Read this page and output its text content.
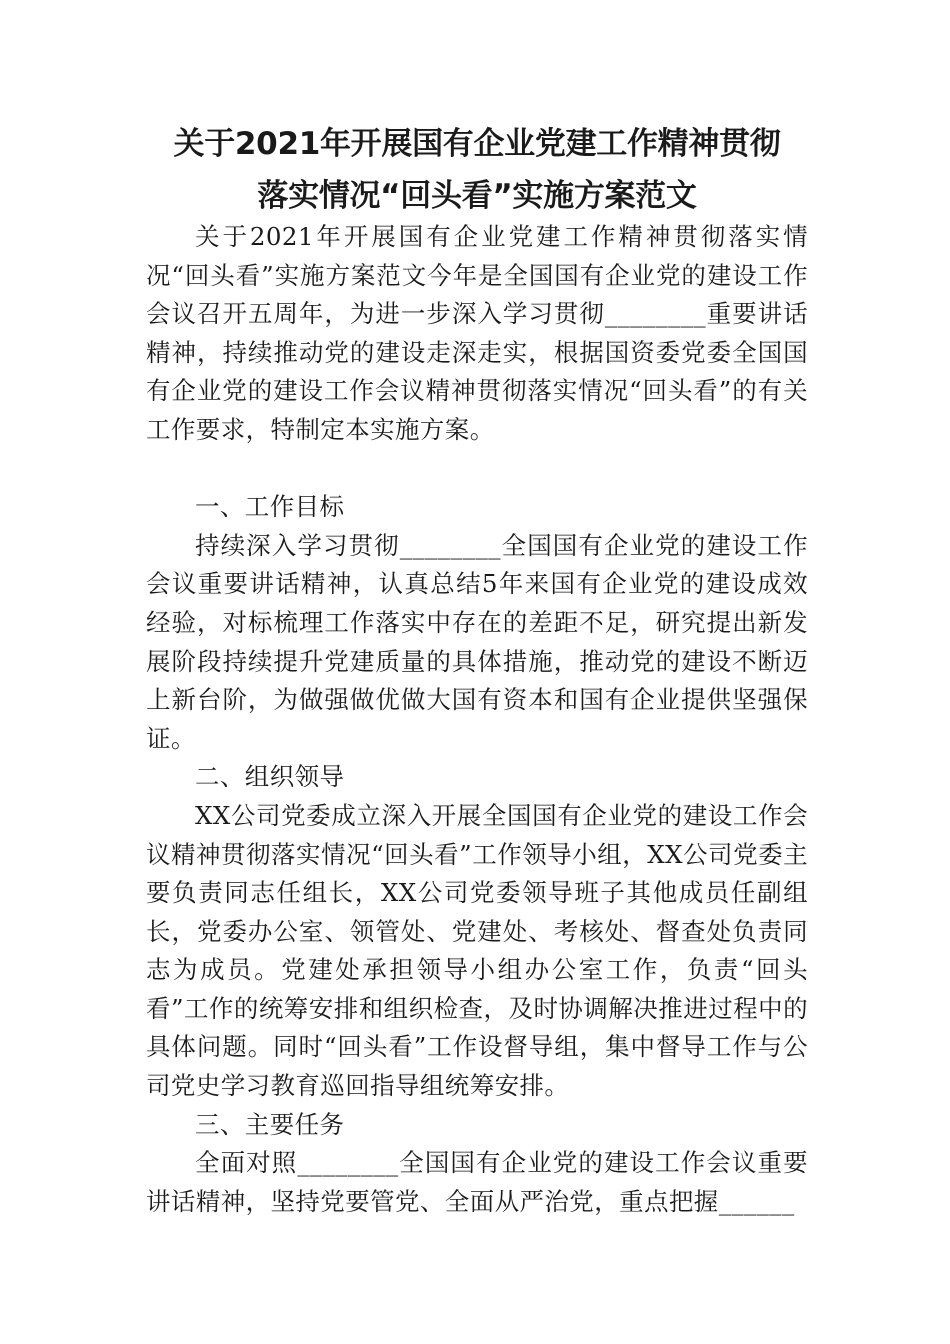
关于2021年开展国有企业党建工作精神贯彻
落实情况“回头看”实施方案范文

关于2021年开展国有企业党建工作精神贯彻落实情况“回头看”实施方案范文今年是全国国有企业党的建设工作会议召开五周年，为进一步深入学习贯彻________重要讲话精神，持续推动党的建设走深走实，根据国资委党委全国国有企业党的建设工作会议精神贯彻落实情况“回头看”的有关工作要求，特制定本实施方案。

一、工作目标

持续深入学习贯彻________全国国有企业党的建设工作会议重要讲话精神，认真总结5年来国有企业党的建设成效经验，对标梳理工作落实中存在的差距不足，研究提出新发展阶段持续提升党建质量的具体措施，推动党的建设不断迈上新台阶，为做强做优做大国有资本和国有企业提供坚强保证。

二、组织领导

XX公司党委成立深入开展全国国有企业党的建设工作会议精神贯彻落实情况“回头看”工作领导小组，XX公司党委主要负责同志任组长，XX公司党委领导班子其他成员任副组长，党委办公室、领管处、党建处、考核处、督查处负责同志为成员。党建处承担领导小组办公室工作，负责“回头看”工作的统筹安排和组织检查，及时协调解决推进过程中的具体问题。同时“回头看”工作设督导组，集中督导工作与公司党史学习教育巡回指导组统筹安排。

三、主要任务

全面对照________全国国有企业党的建设工作会议重要讲话精神，坚持党要管党、全面从严治党，重点把握______
